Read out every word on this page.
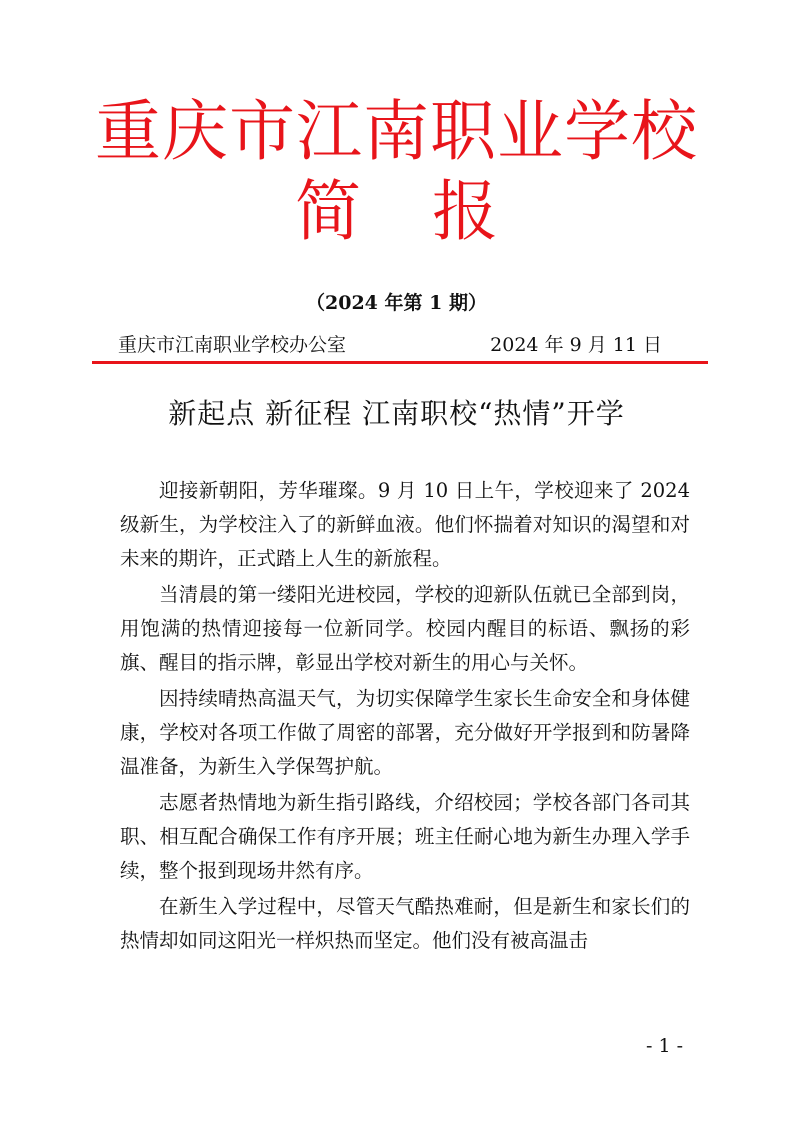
重庆市江南职业学校
简 报
（2024 年第 1 期）
重庆市江南职业学校办公室	2024 年 9 月 11 日
新起点 新征程 江南职校“热情”开学

迎接新朝阳，芳华璀璨。9 月 10 日上午，学校迎来了 2024 级新生，为学校注入了的新鲜血液。他们怀揣着对知识的渴望和对未来的期许，正式踏上人生的新旅程。

当清晨的第一缕阳光进校园，学校的迎新队伍就已全部到岗，用饱满的热情迎接每一位新同学。校园内醒目的标语、飘扬的彩旗、醒目的指示牌，彰显出学校对新生的用心与关怀。

因持续晴热高温天气，为切实保障学生家长生命安全和身体健康，学校对各项工作做了周密的部署，充分做好开学报到和防暑降温准备，为新生入学保驾护航。

志愿者热情地为新生指引路线，介绍校园；学校各部门各司其职、相互配合确保工作有序开展；班主任耐心地为新生办理入学手续，整个报到现场井然有序。

在新生入学过程中，尽管天气酷热难耐，但是新生和家长们的热情却如同这阳光一样炽热而坚定。他们没有被高温击

- 1 -
